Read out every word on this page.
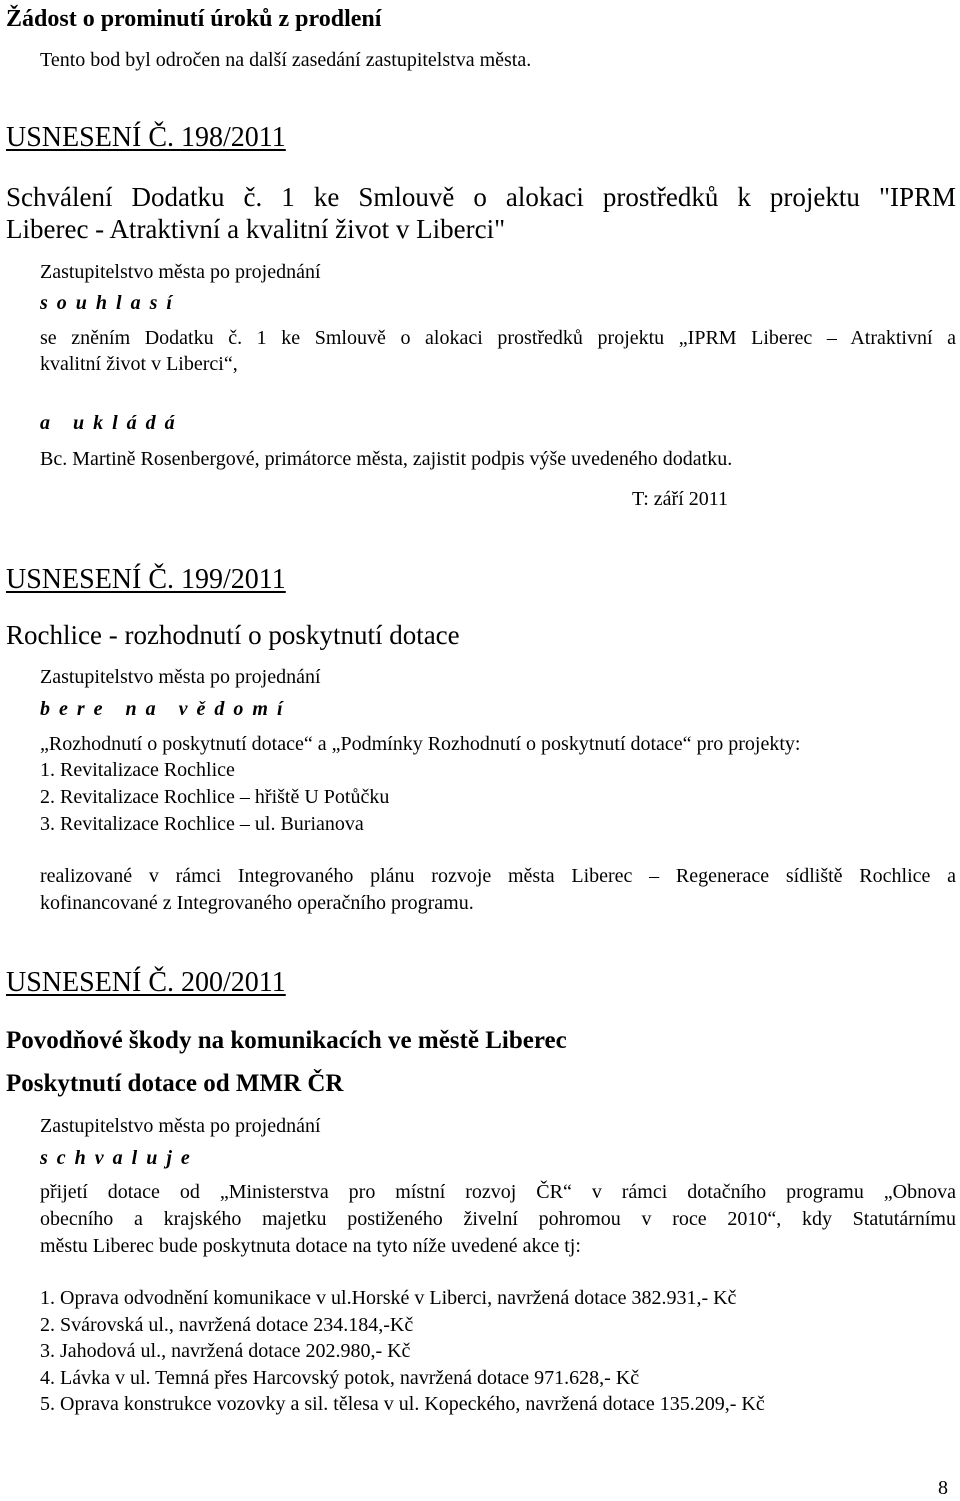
Žádost o prominutí úroků z prodlení
Tento bod byl odročen na další zasedání zastupitelstva města.
USNESENÍ Č. 198/2011
Schválení Dodatku č. 1 ke Smlouvě o alokaci prostředků k projektu "IPRM
Liberec - Atraktivní a kvalitní život v Liberci"
Zastupitelstvo města po projednání
souhlasí
se zněním Dodatku č. 1 ke Smlouvě o alokaci prostředků projektu „IPRM Liberec – Atraktivní a
kvalitní život v Liberci“,
a ukládá
Bc. Martině Rosenbergové, primátorce města, zajistit podpis výše uvedeného dodatku.
T: září 2011
USNESENÍ Č. 199/2011
Rochlice - rozhodnutí o poskytnutí dotace
Zastupitelstvo města po projednání
bere na vědomí
„Rozhodnutí o poskytnutí dotace“ a „Podmínky Rozhodnutí o poskytnutí dotace“ pro projekty:
1. Revitalizace Rochlice
2. Revitalizace Rochlice – hřiště U Potůčku
3. Revitalizace Rochlice – ul. Burianova
realizované v rámci Integrovaného plánu rozvoje města Liberec – Regenerace sídliště Rochlice a
kofinancované z Integrovaného operačního programu.
USNESENÍ Č. 200/2011
Povodňové škody na komunikacích ve městě Liberec
Poskytnutí dotace od MMR ČR
Zastupitelstvo města po projednání
schvaluje
přijetí dotace od „Ministerstva pro místní rozvoj ČR“ v rámci dotačního programu „Obnova
obecního a krajského majetku postiženého živelní pohromou v roce 2010“, kdy Statutárnímu
městu Liberec bude poskytnuta dotace na tyto níže uvedené akce tj:
1. Oprava odvodnění komunikace v ul.Horské v Liberci, navržená dotace 382.931,- Kč
2. Svárovská ul., navržená dotace 234.184,-Kč
3. Jahodová ul., navržená dotace 202.980,- Kč
4. Lávka v ul. Temná přes Harcovský potok, navržená dotace 971.628,- Kč
5. Oprava konstrukce vozovky a sil. tělesa v ul. Kopeckého, navržená dotace 135.209,- Kč
8
